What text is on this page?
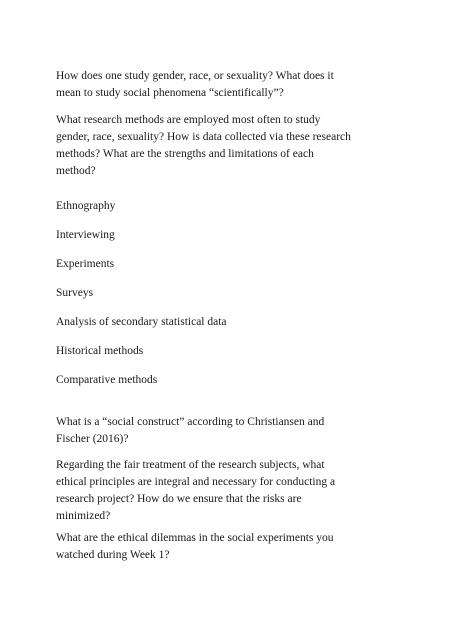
How does one study gender, race, or sexuality? What does it
mean to study social phenomena “scientifically”?

What research methods are employed most often to study
gender, race, sexuality? How is data collected via these research
methods? What are the strengths and limitations of each
method?

Ethnography

Interviewing

Experiments

Surveys

Analysis of secondary statistical data

Historical methods

Comparative methods

What is a “social construct” according to Christiansen and
Fischer (2016)?

Regarding the fair treatment of the research subjects, what
ethical principles are integral and necessary for conducting a
research project? How do we ensure that the risks are
minimized?

What are the ethical dilemmas in the social experiments you
watched during Week 1?
